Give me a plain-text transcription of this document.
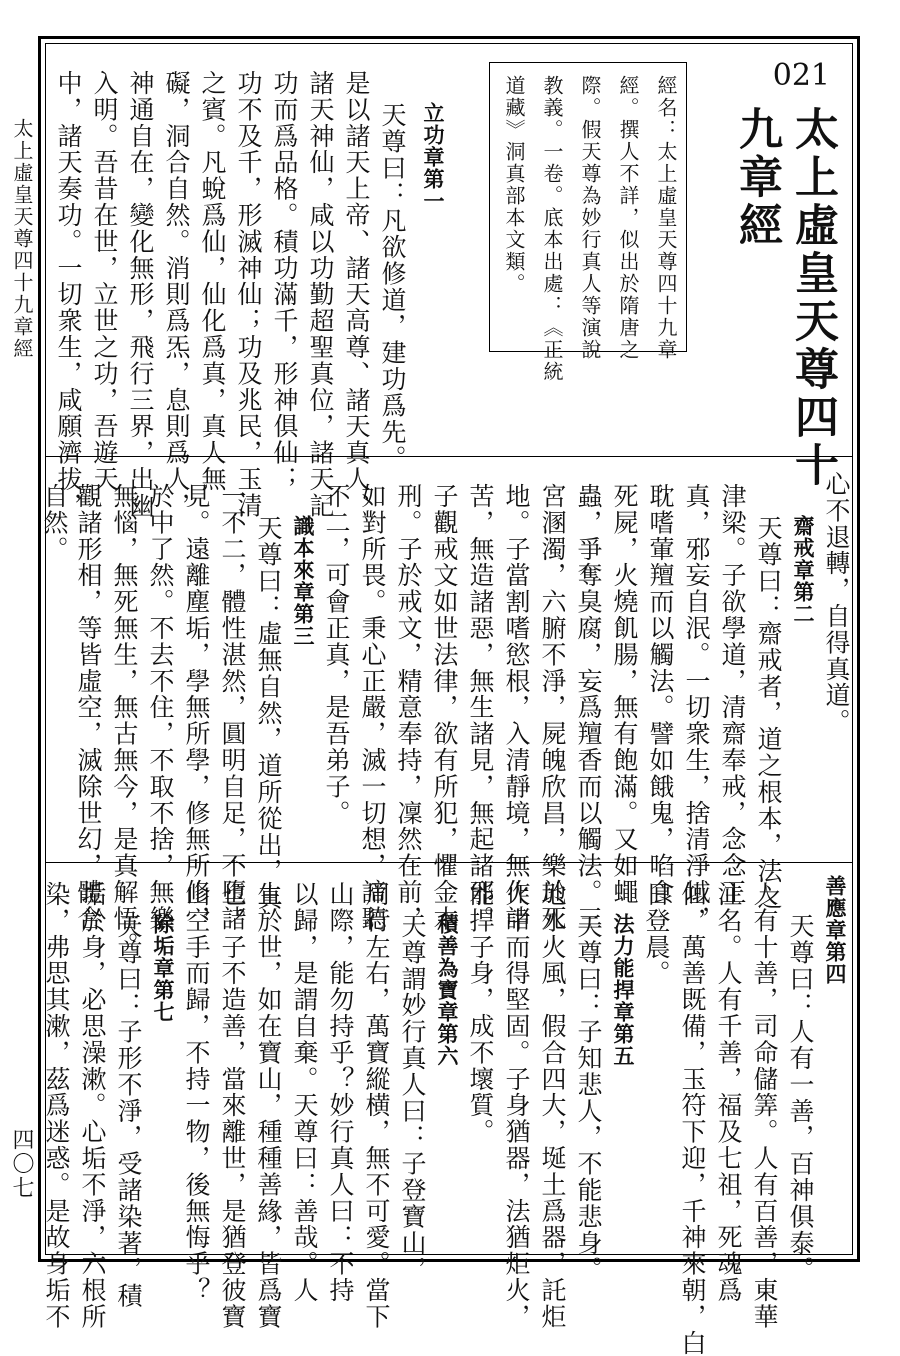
太上虛皇天尊四十九章經
四〇七
021
太上虛皇天尊四十
九章經
經名：太上虛皇天尊四十九章
經。撰人不詳，似出於隋唐之
際。假天尊為妙行真人等演說
教義。一卷。底本出處：《正統
道藏》洞真部本文類。
立功章第一
天尊曰：凡欲修道，建功爲先。
是以諸天上帝、諸天高尊、諸天真人、
諸天神仙，咸以功勤超聖真位，諸天記
功而爲品格。積功滿千，形神俱仙；
功不及千，形滅神仙；功及兆民，玉清
之賓。凡蛻爲仙，仙化爲真，真人無
礙，洞合自然。消則爲炁，息則爲人，
神通自在，變化無形，飛行三界，出幽
入明。吾昔在世，立世之功，吾遊天
中，諸天奏功。一切衆生，咸願濟拔，
心不退轉，自得真道。
齋戒章第二
天尊曰：齋戒者，道之根本，法之
津梁。子欲學道，清齋奉戒，念念正
真，邪妄自泯。一切衆生，捨清淨域，
耽嗜葷羶而以觸法。譬如餓鬼，啗食
死屍，火燒飢腸，無有飽滿。又如蠅
蟲，爭奪臭腐，妄爲羶香而以觸法。三
宮溷濁，六腑不淨，屍魄欣昌，樂於死
地。子當割嗜慾根，入清靜境，無作諸
苦，無造諸惡，無生諸見，無起諸邪。
子觀戒文如世法律，欲有所犯，懼金木
刑。子於戒文，精意奉持，凜然在前，
如對所畏。秉心正嚴，滅一切想，諦聽
不二，可會正真，是吾弟子。
識本來章第三
天尊曰：虛無自然，道所從出，真
一不二，體性湛然，圓明自足，不墮諸
見。遠離塵垢，學無所學，修無所修，
於中了然。不去不住，不取不捨，無樂
無惱，無死無生，無古無今，是真解悟。
觀諸形相，等皆虛空，滅除世幻，體合
自然。
善應章第四
天尊曰：人有一善，百神俱泰。
人有十善，司命儲筭。人有百善，東華
注名。人有千善，福及七祖，死魂爲
仙，萬善既備，玉符下迎，千神來朝，白
日登晨。
法力能捍章第五
天尊曰：子知悲人，不能悲身。
地水火風，假合四大，埏土爲器，託炬
火中而得堅固。子身猶器，法猶炬火，
能捍子身，成不壞質。
積善為寶章第六
天尊謂妙行真人曰：子登寶山，
周行左右，萬寶縱横，無不可愛。當下
山際，能勿持乎？妙行真人曰：不持
以歸，是謂自棄。天尊曰：善哉。人
生於世，如在寶山，種種善緣，皆爲寶
也。子不造善，當來離世，是猶登彼寶
山空手而歸，不持一物，後無悔乎？
除垢章第七
天尊曰：子形不淨，受諸染著，積
垢於身，必思澡漱。心垢不淨，六根所
染，弗思其漱，茲爲迷惑。是故身垢不
